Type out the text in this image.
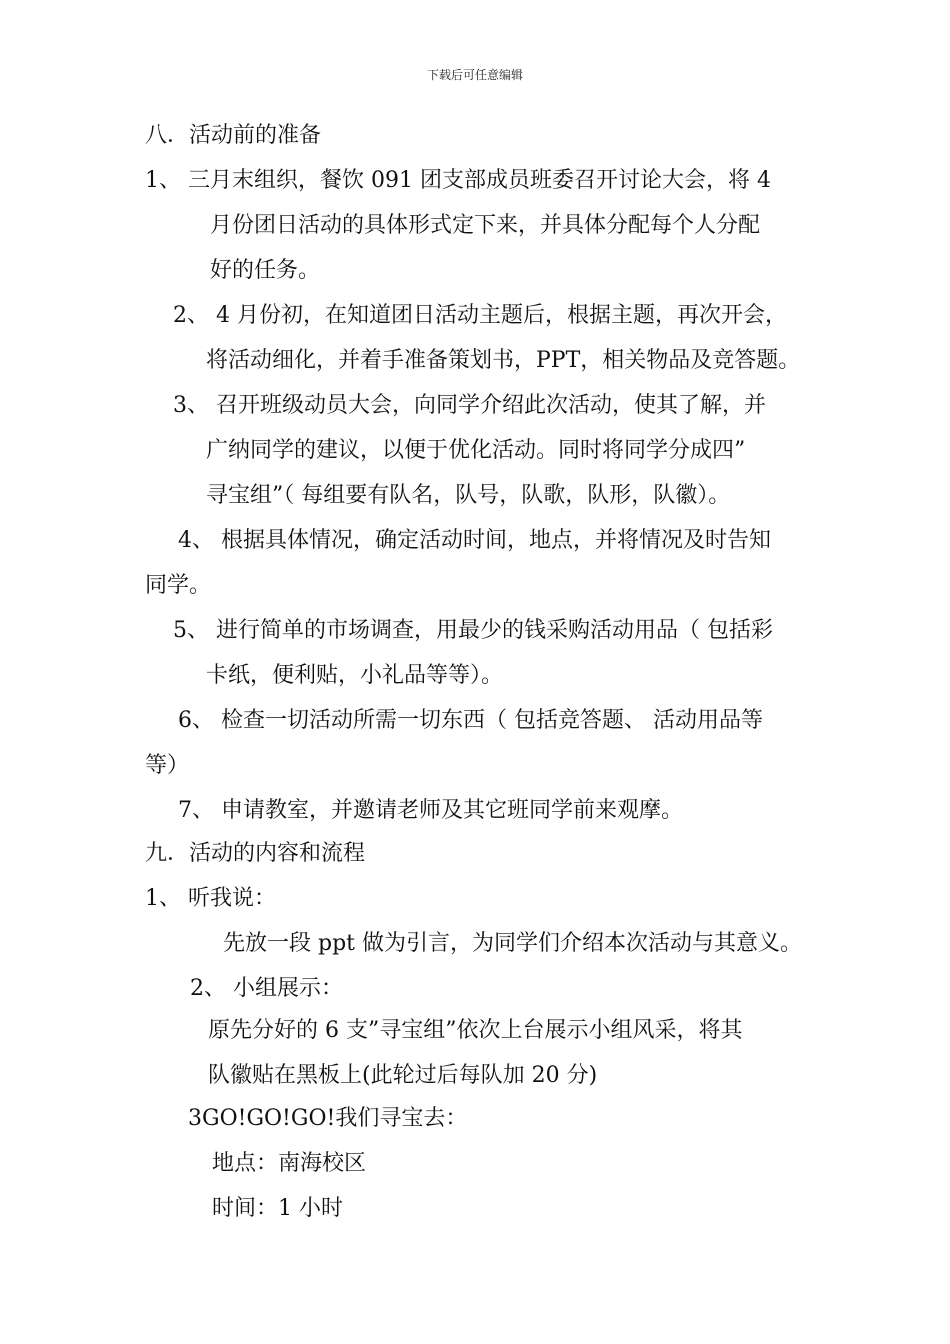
下载后可任意编辑
八．活动前的准备
1、 三月末组织，餐饮 091 团支部成员班委召开讨论大会，将 4
月份团日活动的具体形式定下来，并具体分配每个人分配
好的任务。
2、 4 月份初，在知道团日活动主题后，根据主题，再次开会，
将活动细化，并着手准备策划书，PPT，相关物品及竞答题。
3、 召开班级动员大会，向同学介绍此次活动，使其了解，并
广纳同学的建议，以便于优化活动。同时将同学分成四”
寻宝组”（ 每组要有队名，队号，队歌，队形，队徽）。
4、 根据具体情况，确定活动时间，地点，并将情况及时告知
同学。
5、 进行简单的市场调查，用最少的钱采购活动用品（ 包括彩
卡纸，便利贴，小礼品等等）。
6、 检查一切活动所需一切东西（ 包括竞答题、 活动用品等
等）
7、 申请教室，并邀请老师及其它班同学前来观摩。
九．活动的内容和流程
1、 听我说：
先放一段 ppt 做为引言，为同学们介绍本次活动与其意义。
2、 小组展示：
原先分好的 6 支”寻宝组”依次上台展示小组风采，将其
队徽贴在黑板上(此轮过后每队加 20 分)
3GO!GO!GO!我们寻宝去：
地点：南海校区
时间：1 小时
